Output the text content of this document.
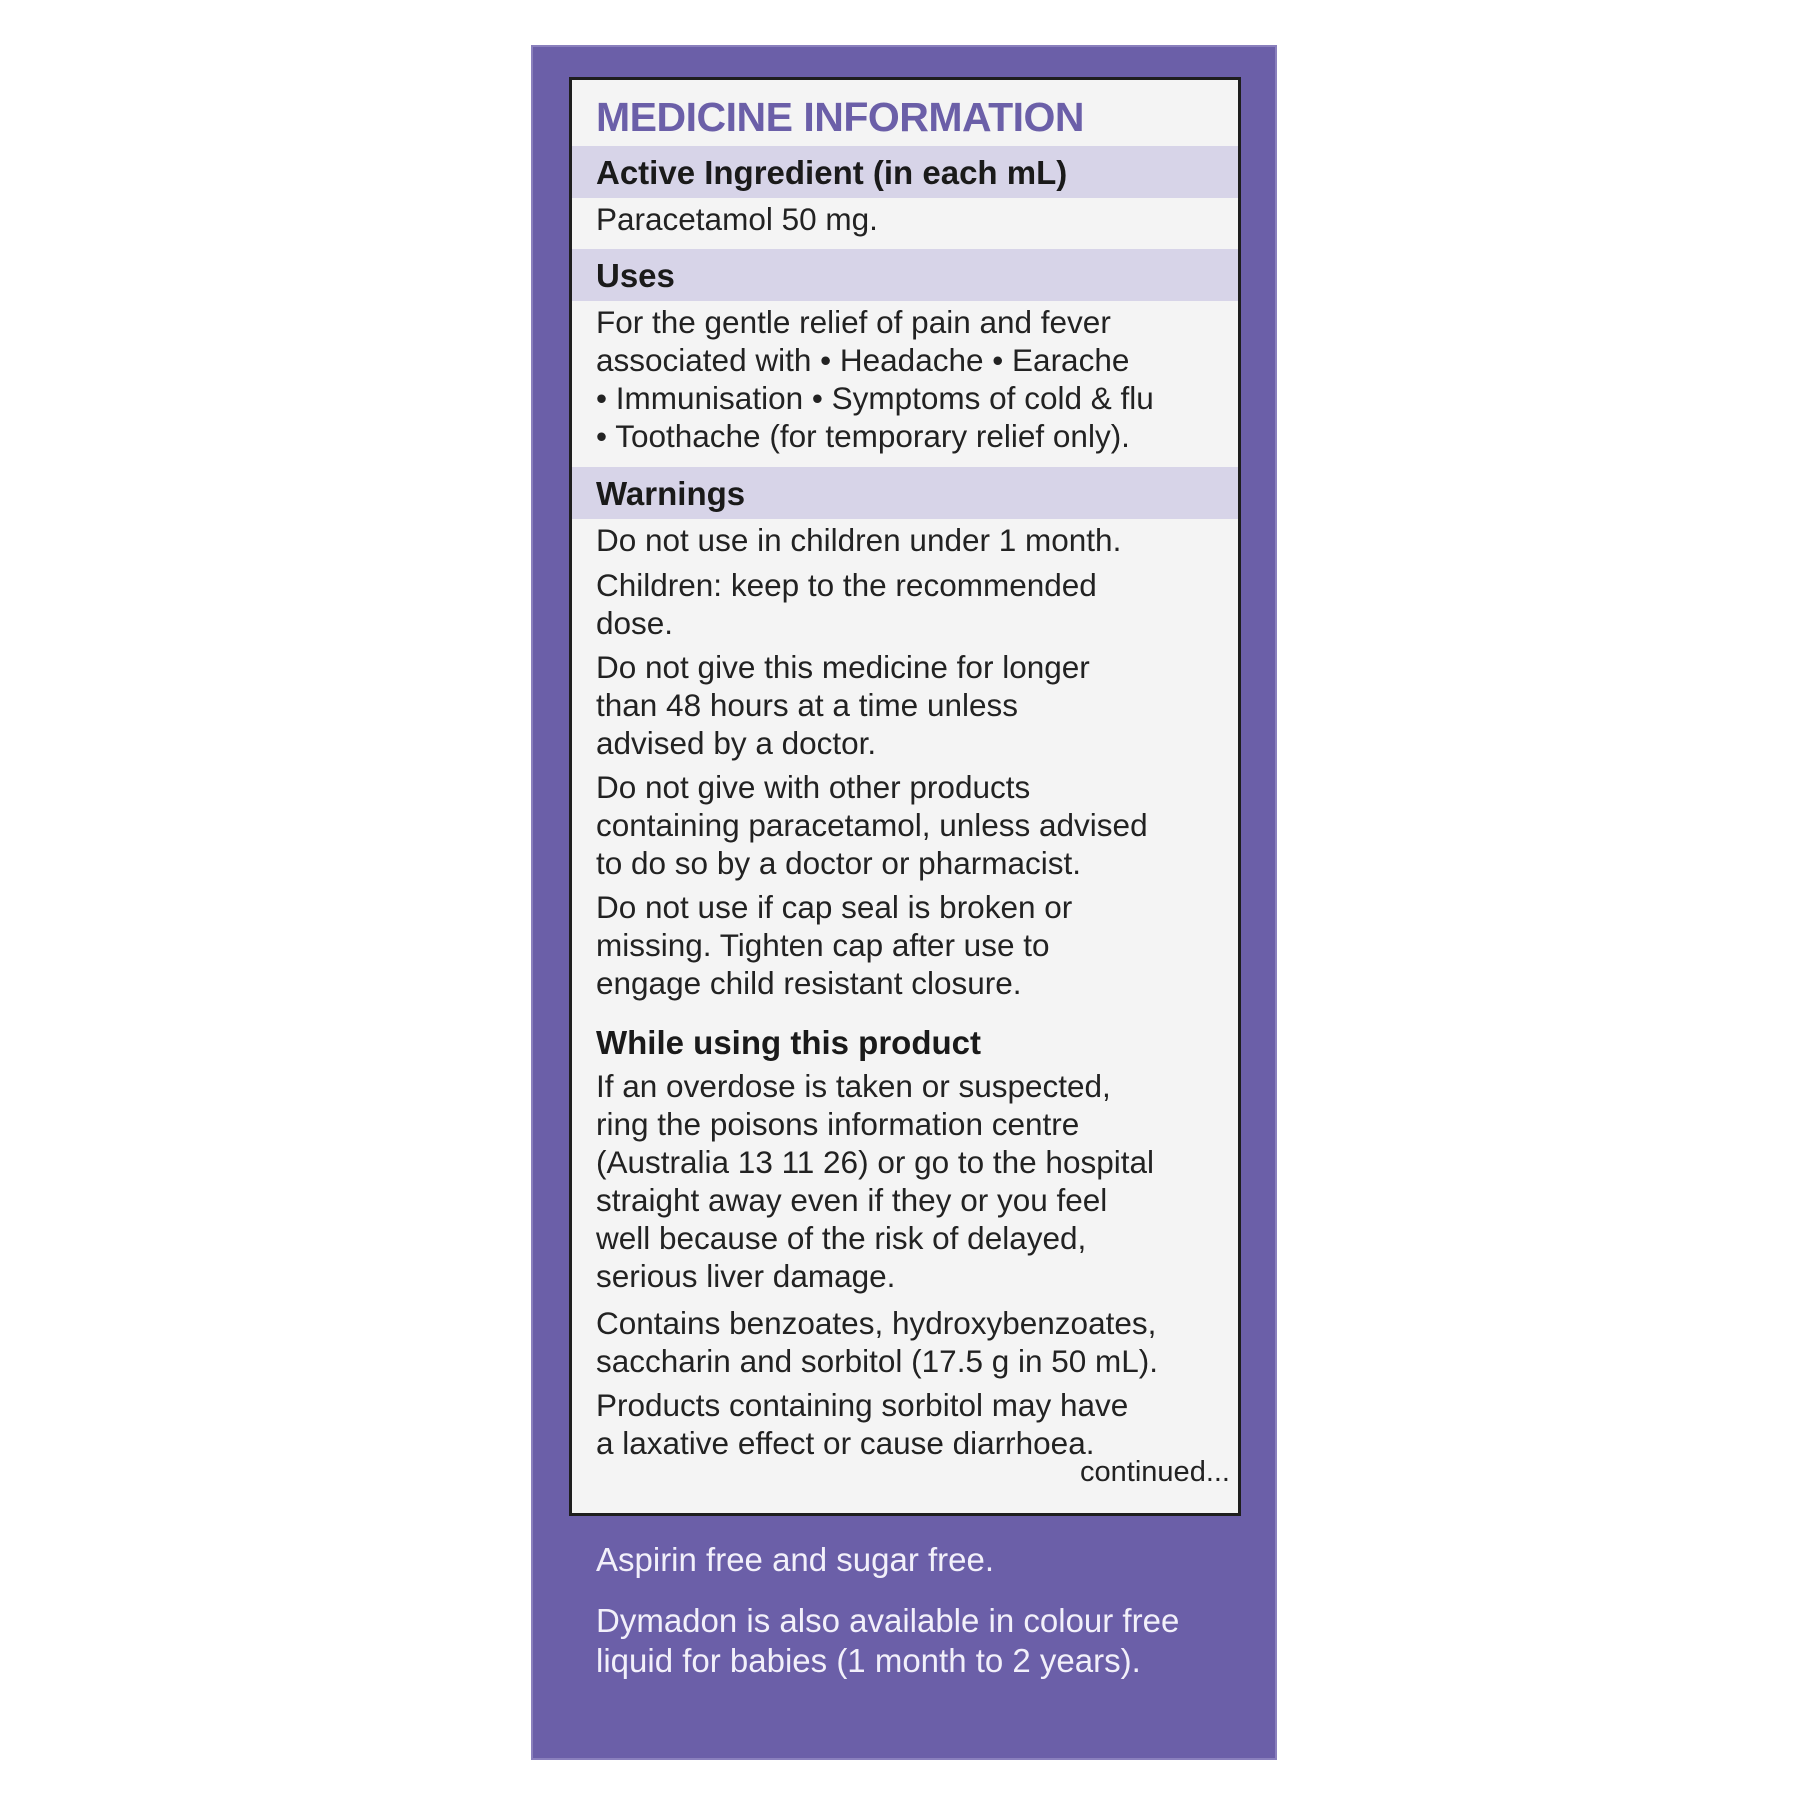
MEDICINE INFORMATION
Active Ingredient (in each mL)
Paracetamol 50 mg.
Uses
For the gentle relief of pain and fever
associated with • Headache • Earache
• Immunisation • Symptoms of cold & flu
• Toothache (for temporary relief only).
Warnings
Do not use in children under 1 month.
Children: keep to the recommended
dose.
Do not give this medicine for longer
than 48 hours at a time unless
advised by a doctor.
Do not give with other products
containing paracetamol, unless advised
to do so by a doctor or pharmacist.
Do not use if cap seal is broken or
missing. Tighten cap after use to
engage child resistant closure.
While using this product
If an overdose is taken or suspected,
ring the poisons information centre
(Australia 13 11 26) or go to the hospital
straight away even if they or you feel
well because of the risk of delayed,
serious liver damage.
Contains benzoates, hydroxybenzoates,
saccharin and sorbitol (17.5 g in 50 mL).
Products containing sorbitol may have
a laxative effect or cause diarrhoea.
continued...
Aspirin free and sugar free.
Dymadon is also available in colour free
liquid for babies (1 month to 2 years).
